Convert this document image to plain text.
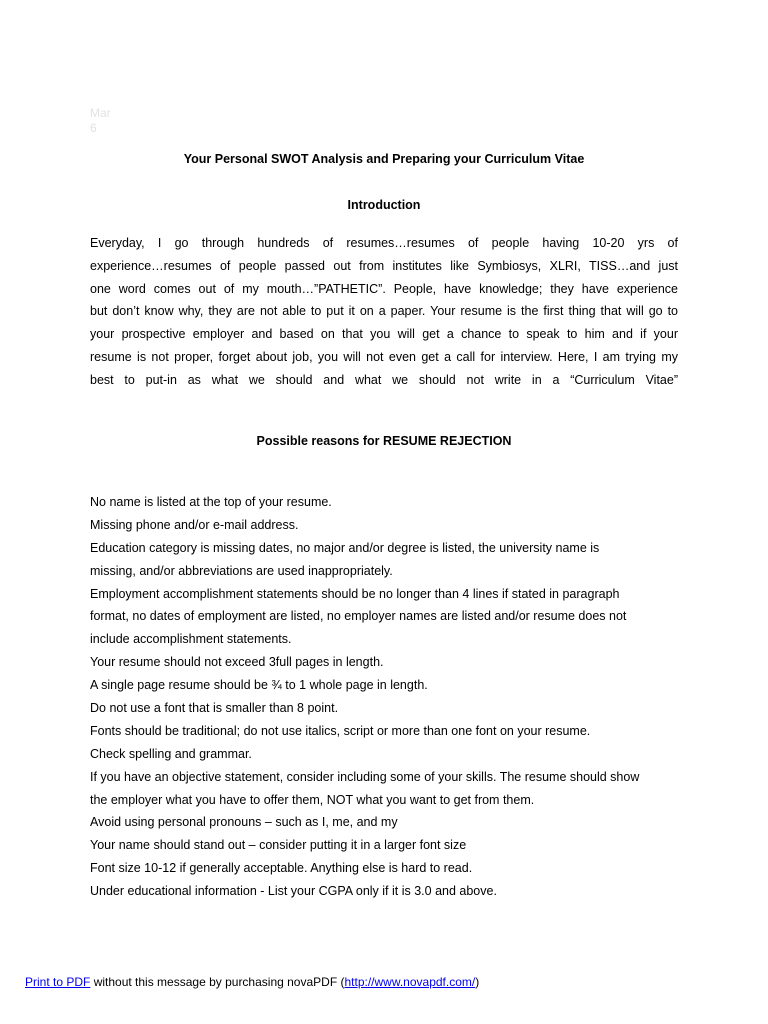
Mar
6
Your Personal SWOT Analysis and Preparing your Curriculum Vitae
Introduction
Everyday, I go through hundreds of resumes…resumes of people having 10-20 yrs of
experience…resumes of people passed out from institutes like Symbiosys, XLRI, TISS…and just
one word comes out of my mouth…”PATHETIC”. People, have knowledge; they have experience
but don’t know why, they are not able to put it on a paper. Your resume is the first thing that will go to
your prospective employer and based on that you will get a chance to speak to him and if your
resume is not proper, forget about job, you will not even get a call for interview. Here, I am trying my
best to put-in as what we should and what we should not write in a “Curriculum Vitae”
Possible reasons for RESUME REJECTION
No name is listed at the top of your resume.
Missing phone and/or e-mail address.
Education category is missing dates, no major and/or degree is listed, the university name is
missing, and/or abbreviations are used inappropriately.
Employment accomplishment statements should be no longer than 4 lines if stated in paragraph
format, no dates of employment are listed, no employer names are listed and/or resume does not
include accomplishment statements.
Your resume should not exceed 3full pages in length.
A single page resume should be ¾ to 1 whole page in length.
Do not use a font that is smaller than 8 point.
Fonts should be traditional; do not use italics, script or more than one font on your resume.
Check spelling and grammar.
If you have an objective statement, consider including some of your skills. The resume should show
the employer what you have to offer them, NOT what you want to get from them.
Avoid using personal pronouns – such as I, me, and my
Your name should stand out – consider putting it in a larger font size
Font size 10-12 if generally acceptable. Anything else is hard to read.
Under educational information - List your CGPA only if it is 3.0 and above.
Print to PDF without this message by purchasing novaPDF (http://www.novapdf.com/)
